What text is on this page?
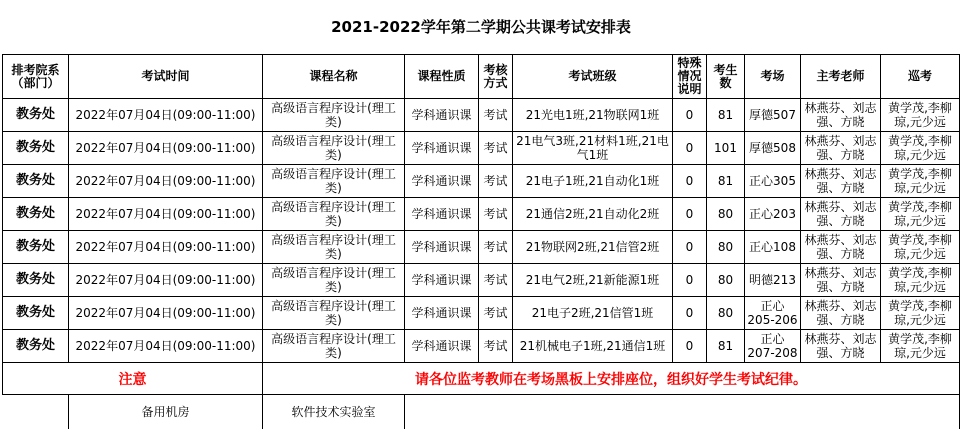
2021-2022学年第二学期公共课考试安排表
排考院系（部门）	考试时间	课程名称	课程性质	考核方式	考试班级	特殊情况说明	考生数	考场	主考老师	巡考
教务处	2022年07月04日(09:00-11:00)	高级语言程序设计(理工类)	学科通识课	考试	21光电1班,21物联网1班	0	81	厚德507	林燕芬、刘志强、方晓	黄学茂,李柳琼,元少远
教务处	2022年07月04日(09:00-11:00)	高级语言程序设计(理工类)	学科通识课	考试	21电气3班,21材料1班,21电气1班	0	101	厚德508	林燕芬、刘志强、方晓	黄学茂,李柳琼,元少远
教务处	2022年07月04日(09:00-11:00)	高级语言程序设计(理工类)	学科通识课	考试	21电子1班,21自动化1班	0	81	正心305	林燕芬、刘志强、方晓	黄学茂,李柳琼,元少远
教务处	2022年07月04日(09:00-11:00)	高级语言程序设计(理工类)	学科通识课	考试	21通信2班,21自动化2班	0	80	正心203	林燕芬、刘志强、方晓	黄学茂,李柳琼,元少远
教务处	2022年07月04日(09:00-11:00)	高级语言程序设计(理工类)	学科通识课	考试	21物联网2班,21信管2班	0	80	正心108	林燕芬、刘志强、方晓	黄学茂,李柳琼,元少远
教务处	2022年07月04日(09:00-11:00)	高级语言程序设计(理工类)	学科通识课	考试	21电气2班,21新能源1班	0	80	明德213	林燕芬、刘志强、方晓	黄学茂,李柳琼,元少远
教务处	2022年07月04日(09:00-11:00)	高级语言程序设计(理工类)	学科通识课	考试	21电子2班,21信管1班	0	80	正心205-206	林燕芬、刘志强、方晓	黄学茂,李柳琼,元少远
教务处	2022年07月04日(09:00-11:00)	高级语言程序设计(理工类)	学科通识课	考试	21机械电子1班,21通信1班	0	81	正心207-208	林燕芬、刘志强、方晓	黄学茂,李柳琼,元少远
注意		请各位监考教师在考场黑板上安排座位，组织好学生考试纪律。								
	备用机房	软件技术实验室								
